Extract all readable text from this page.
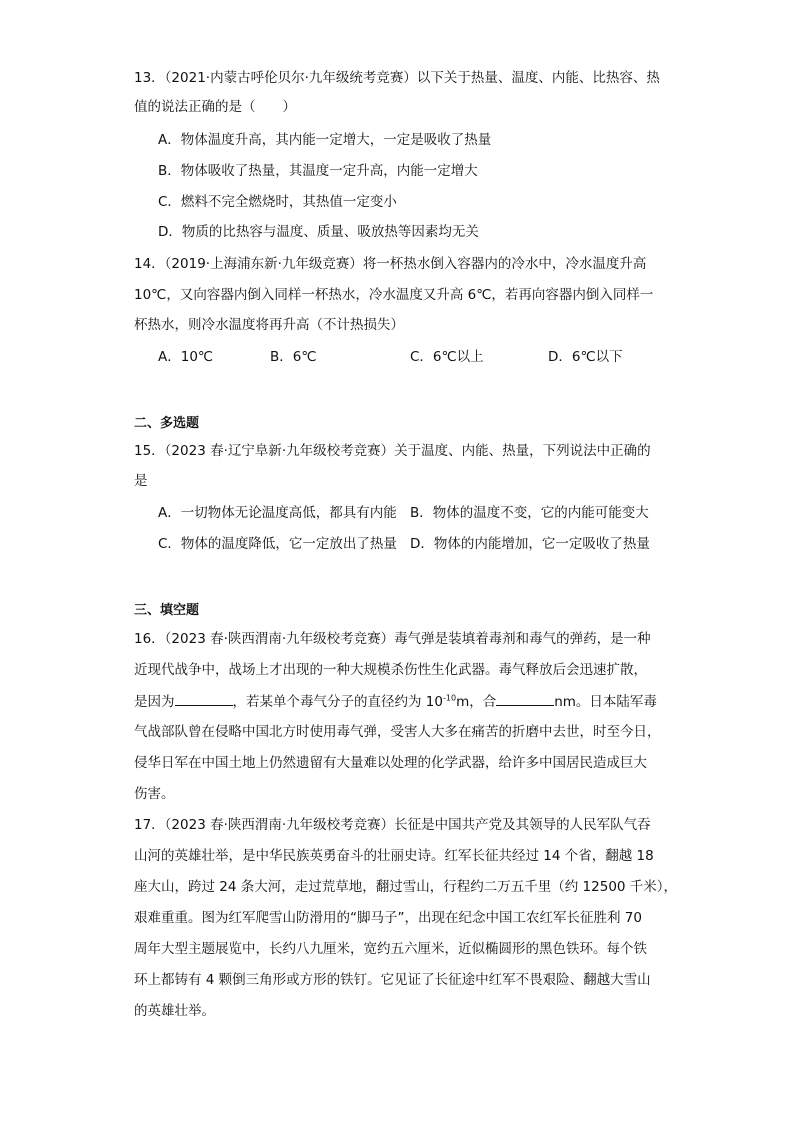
13．（2021·内蒙古呼伦贝尔·九年级统考竞赛）以下关于热量、温度、内能、比热容、热
值的说法正确的是（　　）
A．物体温度升高，其内能一定增大，一定是吸收了热量
B．物体吸收了热量，其温度一定升高，内能一定增大
C．燃料不完全燃烧时，其热值一定变小
D．物质的比热容与温度、质量、吸放热等因素均无关
14．（2019·上海浦东新·九年级竞赛）将一杯热水倒入容器内的冷水中，冷水温度升高
10℃，又向容器内倒入同样一杯热水，冷水温度又升高 6℃，若再向容器内倒入同样一
杯热水，则冷水温度将再升高（不计热损失）
A．10℃	B．6℃	C．6℃以上	D．6℃以下
二、多选题
15．（2023 春·辽宁阜新·九年级校考竞赛）关于温度、内能、热量，下列说法中正确的
是
A．一切物体无论温度高低，都具有内能 B．物体的温度不变，它的内能可能变大
C．物体的温度降低，它一定放出了热量 D．物体的内能增加，它一定吸收了热量
三、填空题
16．（2023 春·陕西渭南·九年级校考竞赛）毒气弹是装填着毒剂和毒气的弹药，是一种
近现代战争中，战场上才出现的一种大规模杀伤性生化武器。毒气释放后会迅速扩散，
是因为	，若某单个毒气分子的直径约为 $10^{-10}m$，合	nm。日本陆军毒
气战部队曾在侵略中国北方时使用毒气弹，受害人大多在痛苦的折磨中去世，时至今日，
侵华日军在中国土地上仍然遗留有大量难以处理的化学武器，给许多中国居民造成巨大
伤害。
17．（2023 春·陕西渭南·九年级校考竞赛）长征是中国共产党及其领导的人民军队气吞
山河的英雄壮举，是中华民族英勇奋斗的壮丽史诗。红军长征共经过 14 个省，翻越 18
座大山，跨过 24 条大河，走过荒草地，翻过雪山，行程约二万五千里（约 12500 千米），
艰难重重。图为红军爬雪山防滑用的“脚马子”，出现在纪念中国工农红军长征胜利 70
周年大型主题展览中，长约八九厘米，宽约五六厘米，近似椭圆形的黑色铁环。每个铁
环上都铸有 4 颗倒三角形或方形的铁钉。它见证了长征途中红军不畏艰险、翻越大雪山
的英雄壮举。
